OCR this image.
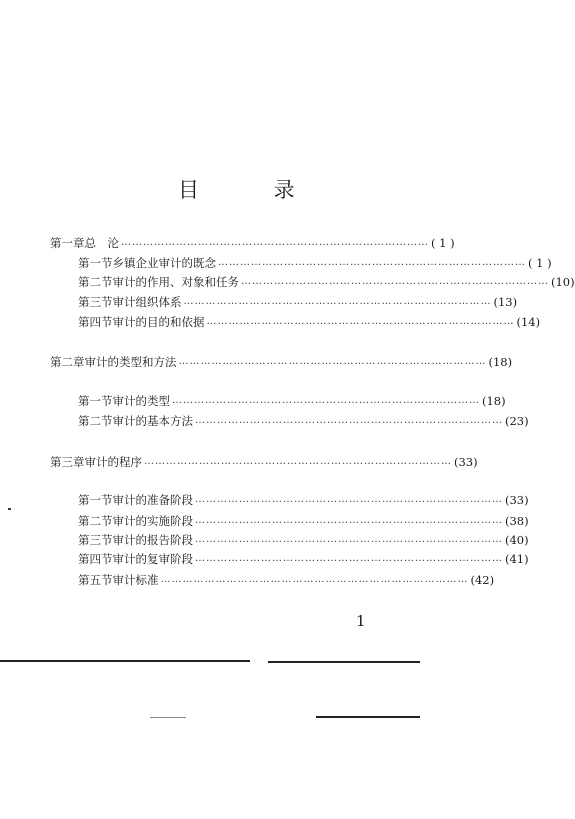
目 录
第一章 总　沦 ………………………………………………………………………… ( 1 )
第一节 乡镇企业审计的既念 ………………………………………………………………………… ( 1 )
第二节 审计的作用、对象和任务 ………………………………………………………………………… (10)
第三节 审计组织体系 ………………………………………………………………………… (13)
第四节 审计的目的和依据 ………………………………………………………………………… (14)
第二章 审计的类型和方法 ………………………………………………………………………… (18)
第一节 审计的类型 ………………………………………………………………………… (18)
第二节 审计的基本方法 ………………………………………………………………………… (23)
第三章 审计的程序 ………………………………………………………………………… (33)
第一节 审计的准备阶段 ………………………………………………………………………… (33)
第二节 审计的实施阶段 ………………………………………………………………………… (38)
第三节 审计的报告阶段 ………………………………………………………………………… (40)
第四节 审计的复审阶段 ………………………………………………………………………… (41)
第五节 审计标准 ………………………………………………………………………… (42)
1
